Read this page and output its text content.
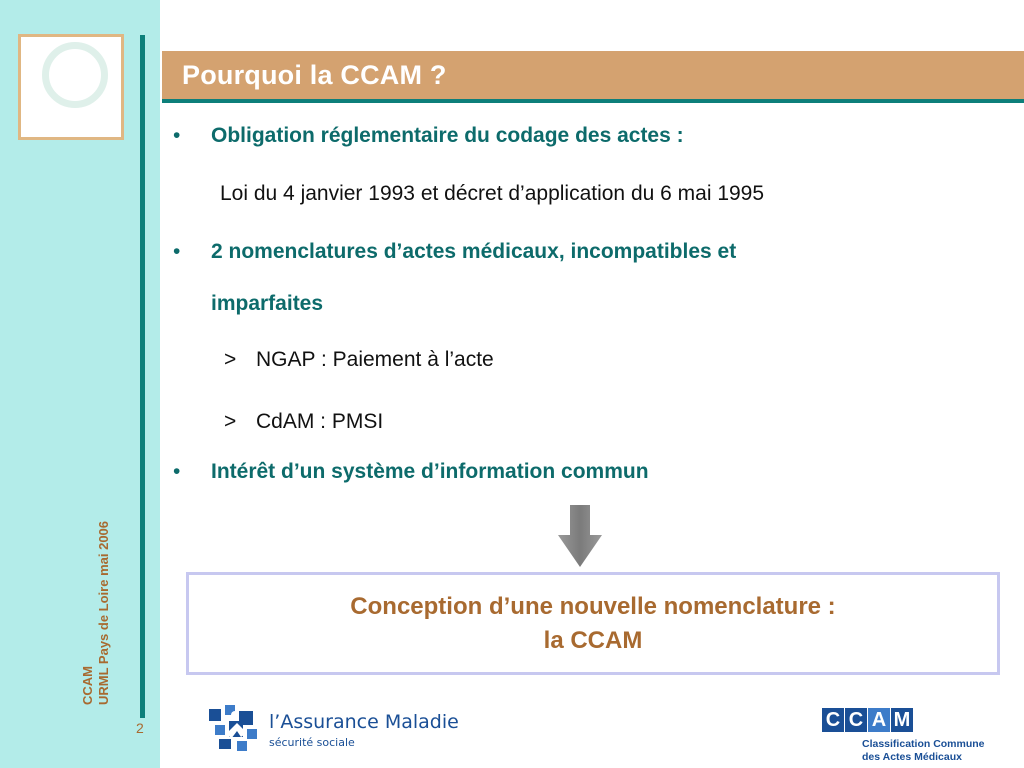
CCAM URML Pays de Loire mai 2006
2
Pourquoi la CCAM ?
• Obligation réglementaire du codage des actes :
Loi du 4 janvier 1993 et décret d’application du 6 mai 1995
• 2 nomenclatures d’actes médicaux, incompatibles et
imparfaites
> NGAP : Paiement à l’acte
> CdAM : PMSI
• Intérêt d’un système d’information commun
Conception d’une nouvelle nomenclature :
la CCAM
l’Assurance Maladie
sécurité sociale
C C A M
Classification Commune
des Actes Médicaux
